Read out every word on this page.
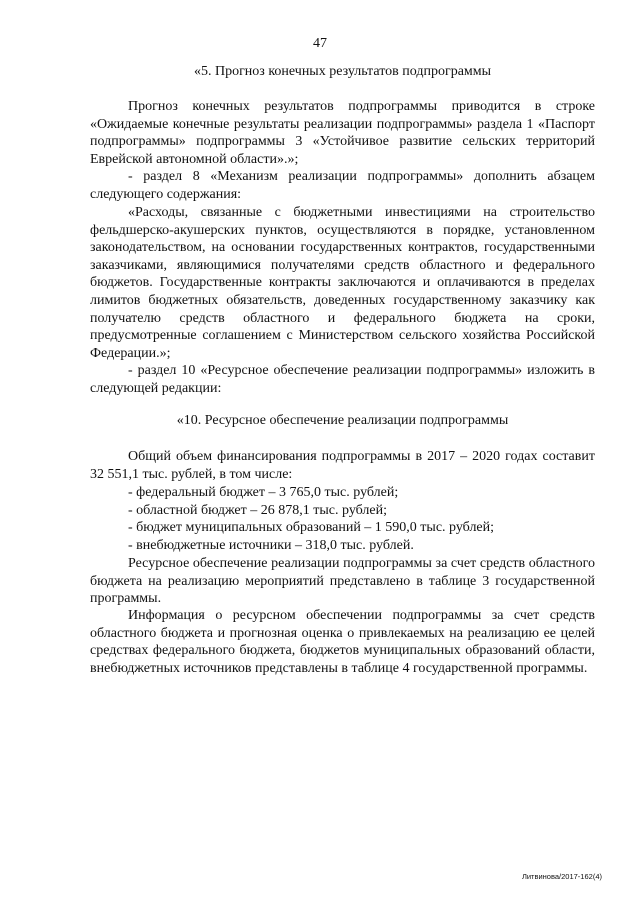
47
«5. Прогноз конечных результатов подпрограммы

Прогноз конечных результатов подпрограммы приводится в строке «Ожидаемые конечные результаты реализации подпрограммы» раздела 1 «Паспорт подпрограммы» подпрограммы 3 «Устойчивое развитие сельских территорий Еврейской автономной области».»;

- раздел 8 «Механизм реализации подпрограммы» дополнить абзацем следующего содержания:

«Расходы, связанные с бюджетными инвестициями на строительство фельдшерско-акушерских пунктов, осуществляются в порядке, установленном законодательством, на основании государственных контрактов, государственными заказчиками, являющимися получателями средств областного и федерального бюджетов. Государственные контракты заключаются и оплачиваются в пределах лимитов бюджетных обязательств, доведенных государственному заказчику как получателю средств областного и федерального бюджета на сроки, предусмотренные соглашением с Министерством сельского хозяйства Российской Федерации.»;

- раздел 10 «Ресурсное обеспечение реализации подпрограммы» изложить в следующей редакции:

«10. Ресурсное обеспечение реализации подпрограммы

Общий объем финансирования подпрограммы в 2017 – 2020 годах составит 32 551,1 тыс. рублей, в том числе:

- федеральный бюджет – 3 765,0 тыс. рублей;
- областной бюджет – 26 878,1 тыс. рублей;
- бюджет муниципальных образований – 1 590,0 тыс. рублей;
- внебюджетные источники – 318,0 тыс. рублей.

Ресурсное обеспечение реализации подпрограммы за счет средств областного бюджета на реализацию мероприятий представлено в таблице 3 государственной программы.

Информация о ресурсном обеспечении подпрограммы за счет средств областного бюджета и прогнозная оценка о привлекаемых на реализацию ее целей средствах федерального бюджета, бюджетов муниципальных образований области, внебюджетных источников представлены в таблице 4 государственной программы.

Литвинова/2017-162(4)
